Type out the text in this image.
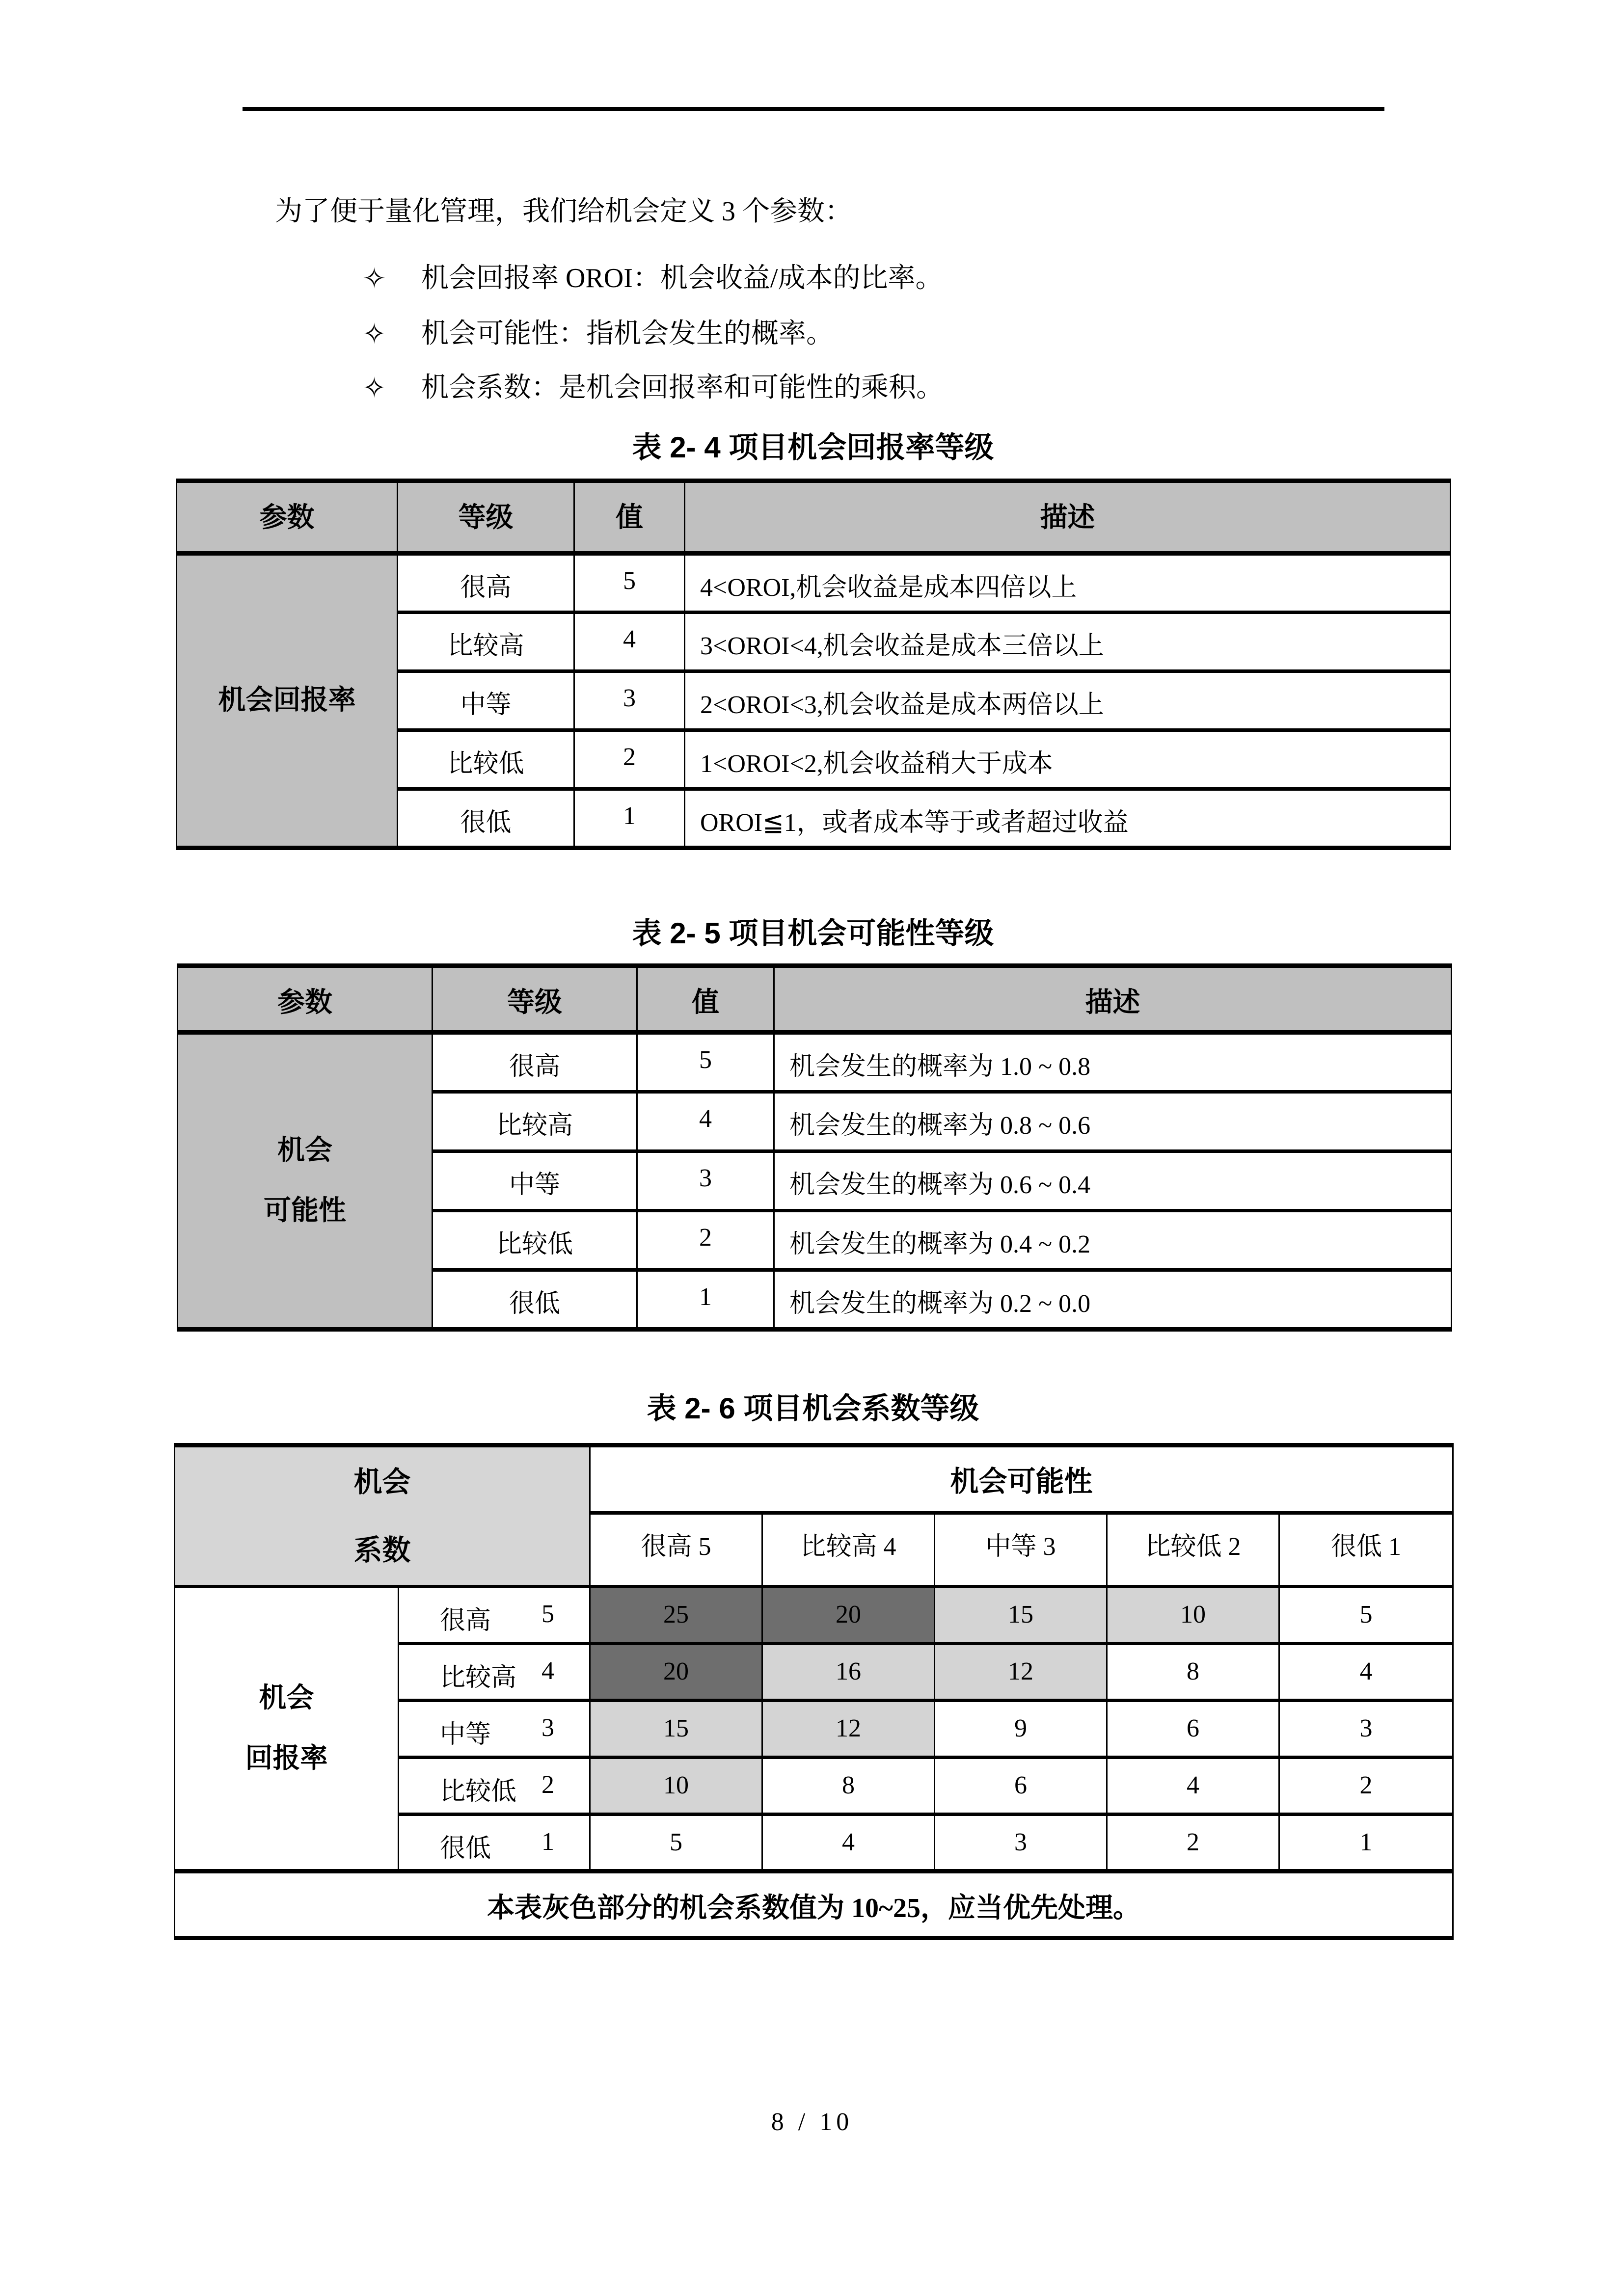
为了便于量化管理，我们给机会定义 3 个参数：
✧	机会回报率 OROI：机会收益/成本的比率。
✧	机会可能性：指机会发生的概率。
✧	机会系数：是机会回报率和可能性的乘积。
表 2- 4 项目机会回报率等级
参数	等级	值	描述
机会回报率	很高	5	4<OROI,机会收益是成本四倍以上
	比较高	4	3<OROI<4,机会收益是成本三倍以上
	中等	3	2<OROI<3,机会收益是成本两倍以上
	比较低	2	1<OROI<2,机会收益稍大于成本
	很低	1	OROI≦1，或者成本等于或者超过收益
表 2- 5 项目机会可能性等级
参数	等级	值	描述

机会
可能性	很高	5	机会发生的概率为 1.0 ~ 0.8
	比较高	4	机会发生的概率为 0.8 ~ 0.6
	中等	3	机会发生的概率为 0.6 ~ 0.4
	比较低	2	机会发生的概率为 0.4 ~ 0.2
	很低	1	机会发生的概率为 0.2 ~ 0.0
表 2- 6 项目机会系数等级
机会
系数		机会可能性				
		很高 5	比较高 4	中等 3	比较低 2	很低 1

机会
回报率

很高 5	25	20	15	10	5

	比较高 4	20	16	12	8	4

	中等 3	15	12	9	6	3

	比较低 2	10	8	6	4	2

	很低 1	5	4	3	2	1
本表灰色部分的机会系数值为 10~25，应当优先处理。						
8 / 10
